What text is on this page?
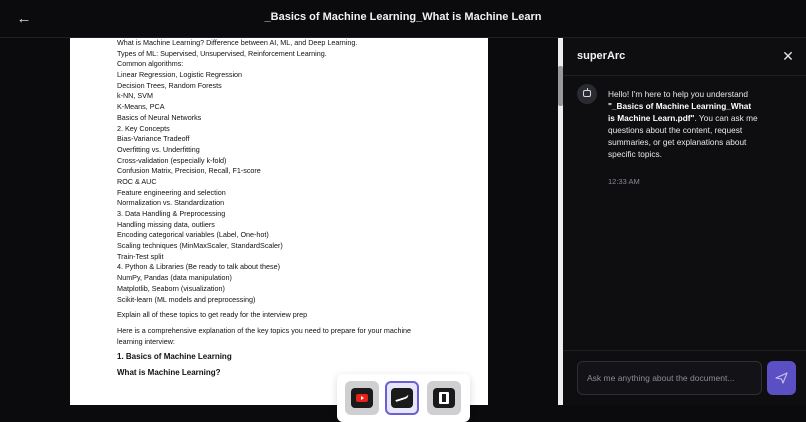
←	_Basics of Machine Learning_What is Machine Learn
What is Machine Learning? Difference between AI, ML, and Deep Learning.
Types of ML: Supervised, Unsupervised, Reinforcement Learning.
Common algorithms:
Linear Regression, Logistic Regression
Decision Trees, Random Forests
k-NN, SVM
K-Means, PCA
Basics of Neural Networks
2. Key Concepts
Bias-Variance Tradeoff
Overfitting vs. Underfitting
Cross-validation (especially k-fold)
Confusion Matrix, Precision, Recall, F1-score
ROC & AUC
Feature engineering and selection
Normalization vs. Standardization
3. Data Handling & Preprocessing
Handling missing data, outliers
Encoding categorical variables (Label, One-hot)
Scaling techniques (MinMaxScaler, StandardScaler)
Train-Test split
4. Python & Libraries (Be ready to talk about these)
NumPy, Pandas (data manipulation)
Matplotlib, Seaborn (visualization)
Scikit-learn (ML models and preprocessing)
Explain all of these topics to get ready for the interview prep
Here is a comprehensive explanation of the key topics you need to prepare for your machine
learning interview:
1. Basics of Machine Learning
What is Machine Learning?
superArc	✕
Hello! I'm here to help you understand "_Basics of Machine Learning_What is Machine Learn.pdf". You can ask me questions about the content, request summaries, or get explanations about specific topics.
12:33 AM
Ask me anything about the document...
